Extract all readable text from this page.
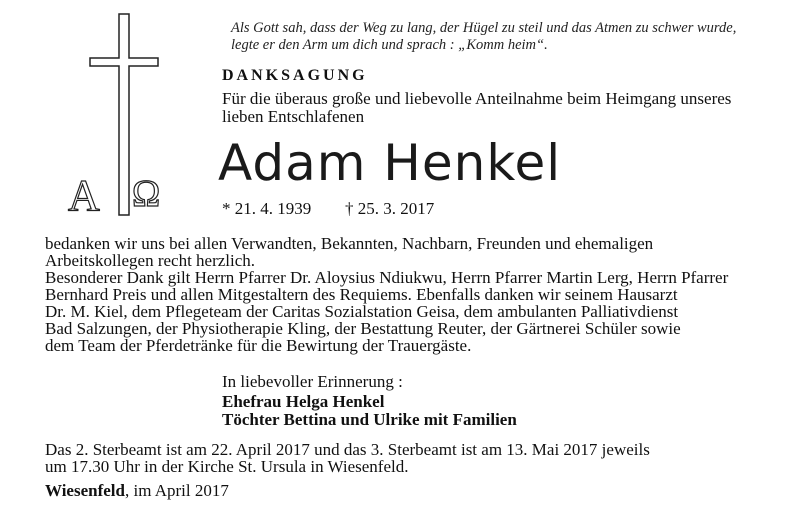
A Ω
Als Gott sah, dass der Weg zu lang, der Hügel zu steil und das Atmen zu schwer wurde,
legte er den Arm um dich und sprach : „Komm heim“.
DANKSAGUNG
Für die überaus große und liebevolle Anteilnahme beim Heimgang unseres
lieben Entschlafenen
Adam Henkel
* 21. 4. 1939 † 25. 3. 2017
bedanken wir uns bei allen Verwandten, Bekannten, Nachbarn, Freunden und ehemaligen
Arbeitskollegen recht herzlich.
Besonderer Dank gilt Herrn Pfarrer Dr. Aloysius Ndiukwu, Herrn Pfarrer Martin Lerg, Herrn Pfarrer
Bernhard Preis und allen Mitgestaltern des Requiems. Ebenfalls danken wir seinem Hausarzt
Dr. M. Kiel, dem Pflegeteam der Caritas Sozialstation Geisa, dem ambulanten Palliativdienst
Bad Salzungen, der Physiotherapie Kling, der Bestattung Reuter, der Gärtnerei Schüler sowie
dem Team der Pferdetränke für die Bewirtung der Trauergäste.
In liebevoller Erinnerung :
Ehefrau Helga Henkel
Töchter Bettina und Ulrike mit Familien
Das 2. Sterbeamt ist am 22. April 2017 und das 3. Sterbeamt ist am 13. Mai 2017 jeweils
um 17.30 Uhr in der Kirche St. Ursula in Wiesenfeld.
Wiesenfeld, im April 2017
